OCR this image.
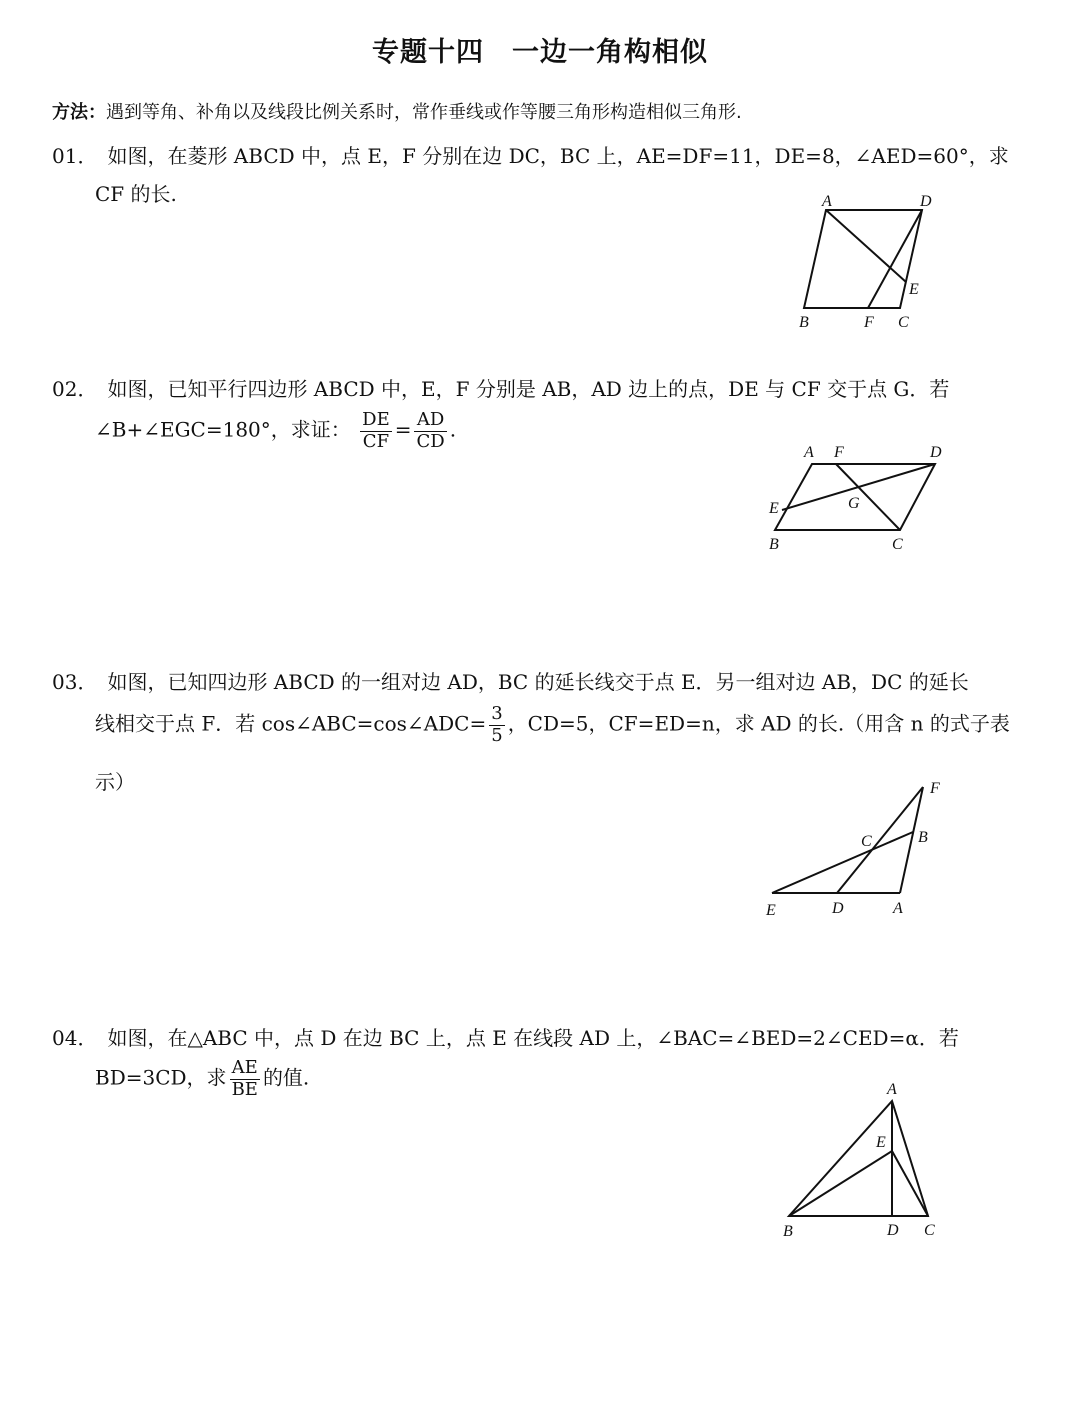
专题十四　一边一角构相似
方法：遇到等角、补角以及线段比例关系时，常作垂线或作等腰三角形构造相似三角形.
01． 如图，在菱形 ABCD 中，点 E，F 分别在边 DC，BC 上，AE=DF=11，DE=8，∠AED=60°，求
CF 的长.	A	D
E
B	F C
02． 如图，已知平行四边形 ABCD 中，E，F 分别是 AB，AD 边上的点，DE 与 CF 交于点 G．若
∠B+∠EGC=180°，求证： $\frac{DE}{CF} = \frac{AD}{CD}$ .
A F	D
G
E
B	C
03． 如图，已知四边形 ABCD 的一组对边 AD，BC 的延长线交于点 E．另一组对边 AB，DC 的延长
线相交于点 F．若 cos∠ABC=cos∠ADC= $\frac{3}{5}$ ，CD=5，CF=ED=n，求 AD 的长.（用含 n 的式子表
示）	F
C	B
E	D	A
04． 如图，在△ABC 中，点 D 在边 BC 上，点 E 在线段 AD 上，∠BAC=∠BED=2∠CED=α．若
BD=3CD，求 $\frac{AE}{BE}$ 的值.	A
E
B	D C
